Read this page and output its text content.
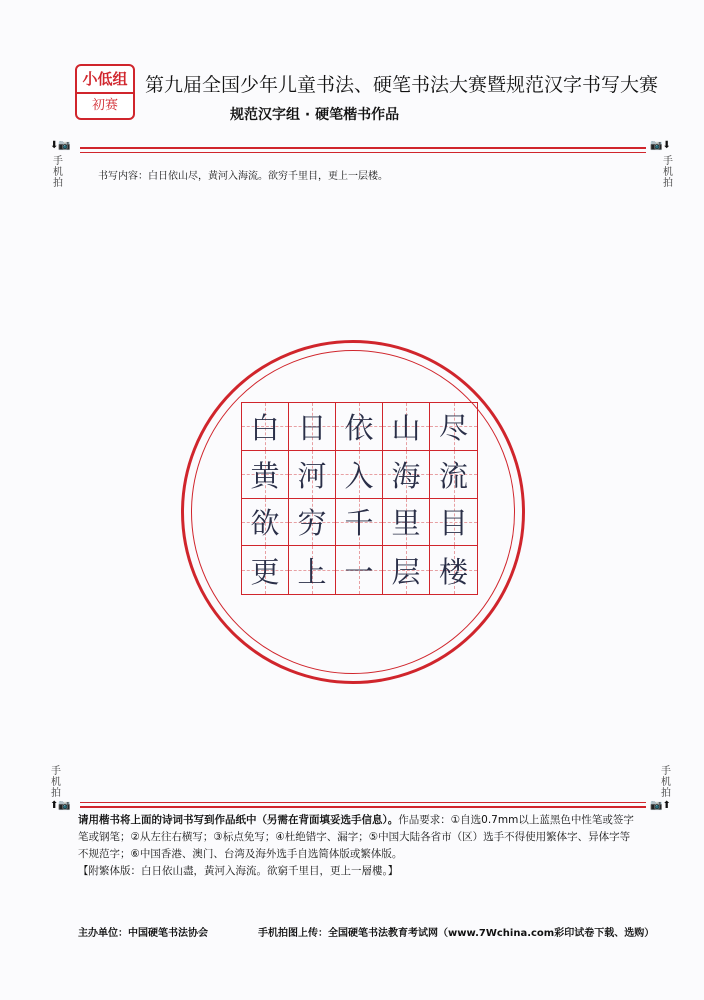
小低组
初赛
第九届全国少年儿童书法、硬笔书法大赛暨规范汉字书写大赛
规范汉字组 · 硬笔楷书作品
⬇📷	📷⬇
手
机
拍
手
机
拍
书写内容：白日依山尽，黄河入海流。欲穷千里目，更上一层楼。
白 日 依 山 尽
黄 河 入 海 流
欲 穷 千 里 目
更 上 一 层 楼
手
机
拍
手
机
拍
⬆📷	📷⬆
请用楷书将上面的诗词书写到作品纸中（另需在背面填妥选手信息）。作品要求：①自选0.7mm以上蓝黑色中性笔或签字笔或钢笔；②从左往右横写；③标点免写；④杜绝错字、漏字；⑤中国大陆各省市（区）选手不得使用繁体字、异体字等不规范字；⑥中国香港、澳门、台湾及海外选手自选简体版或繁体版。
【附繁体版：白日依山盡，黃河入海流。欲窮千里目，更上一層樓。】
主办单位：中国硬笔书法协会	手机拍图上传：全国硬笔书法教育考试网（www.7Wchina.com彩印试卷下载、选购）
